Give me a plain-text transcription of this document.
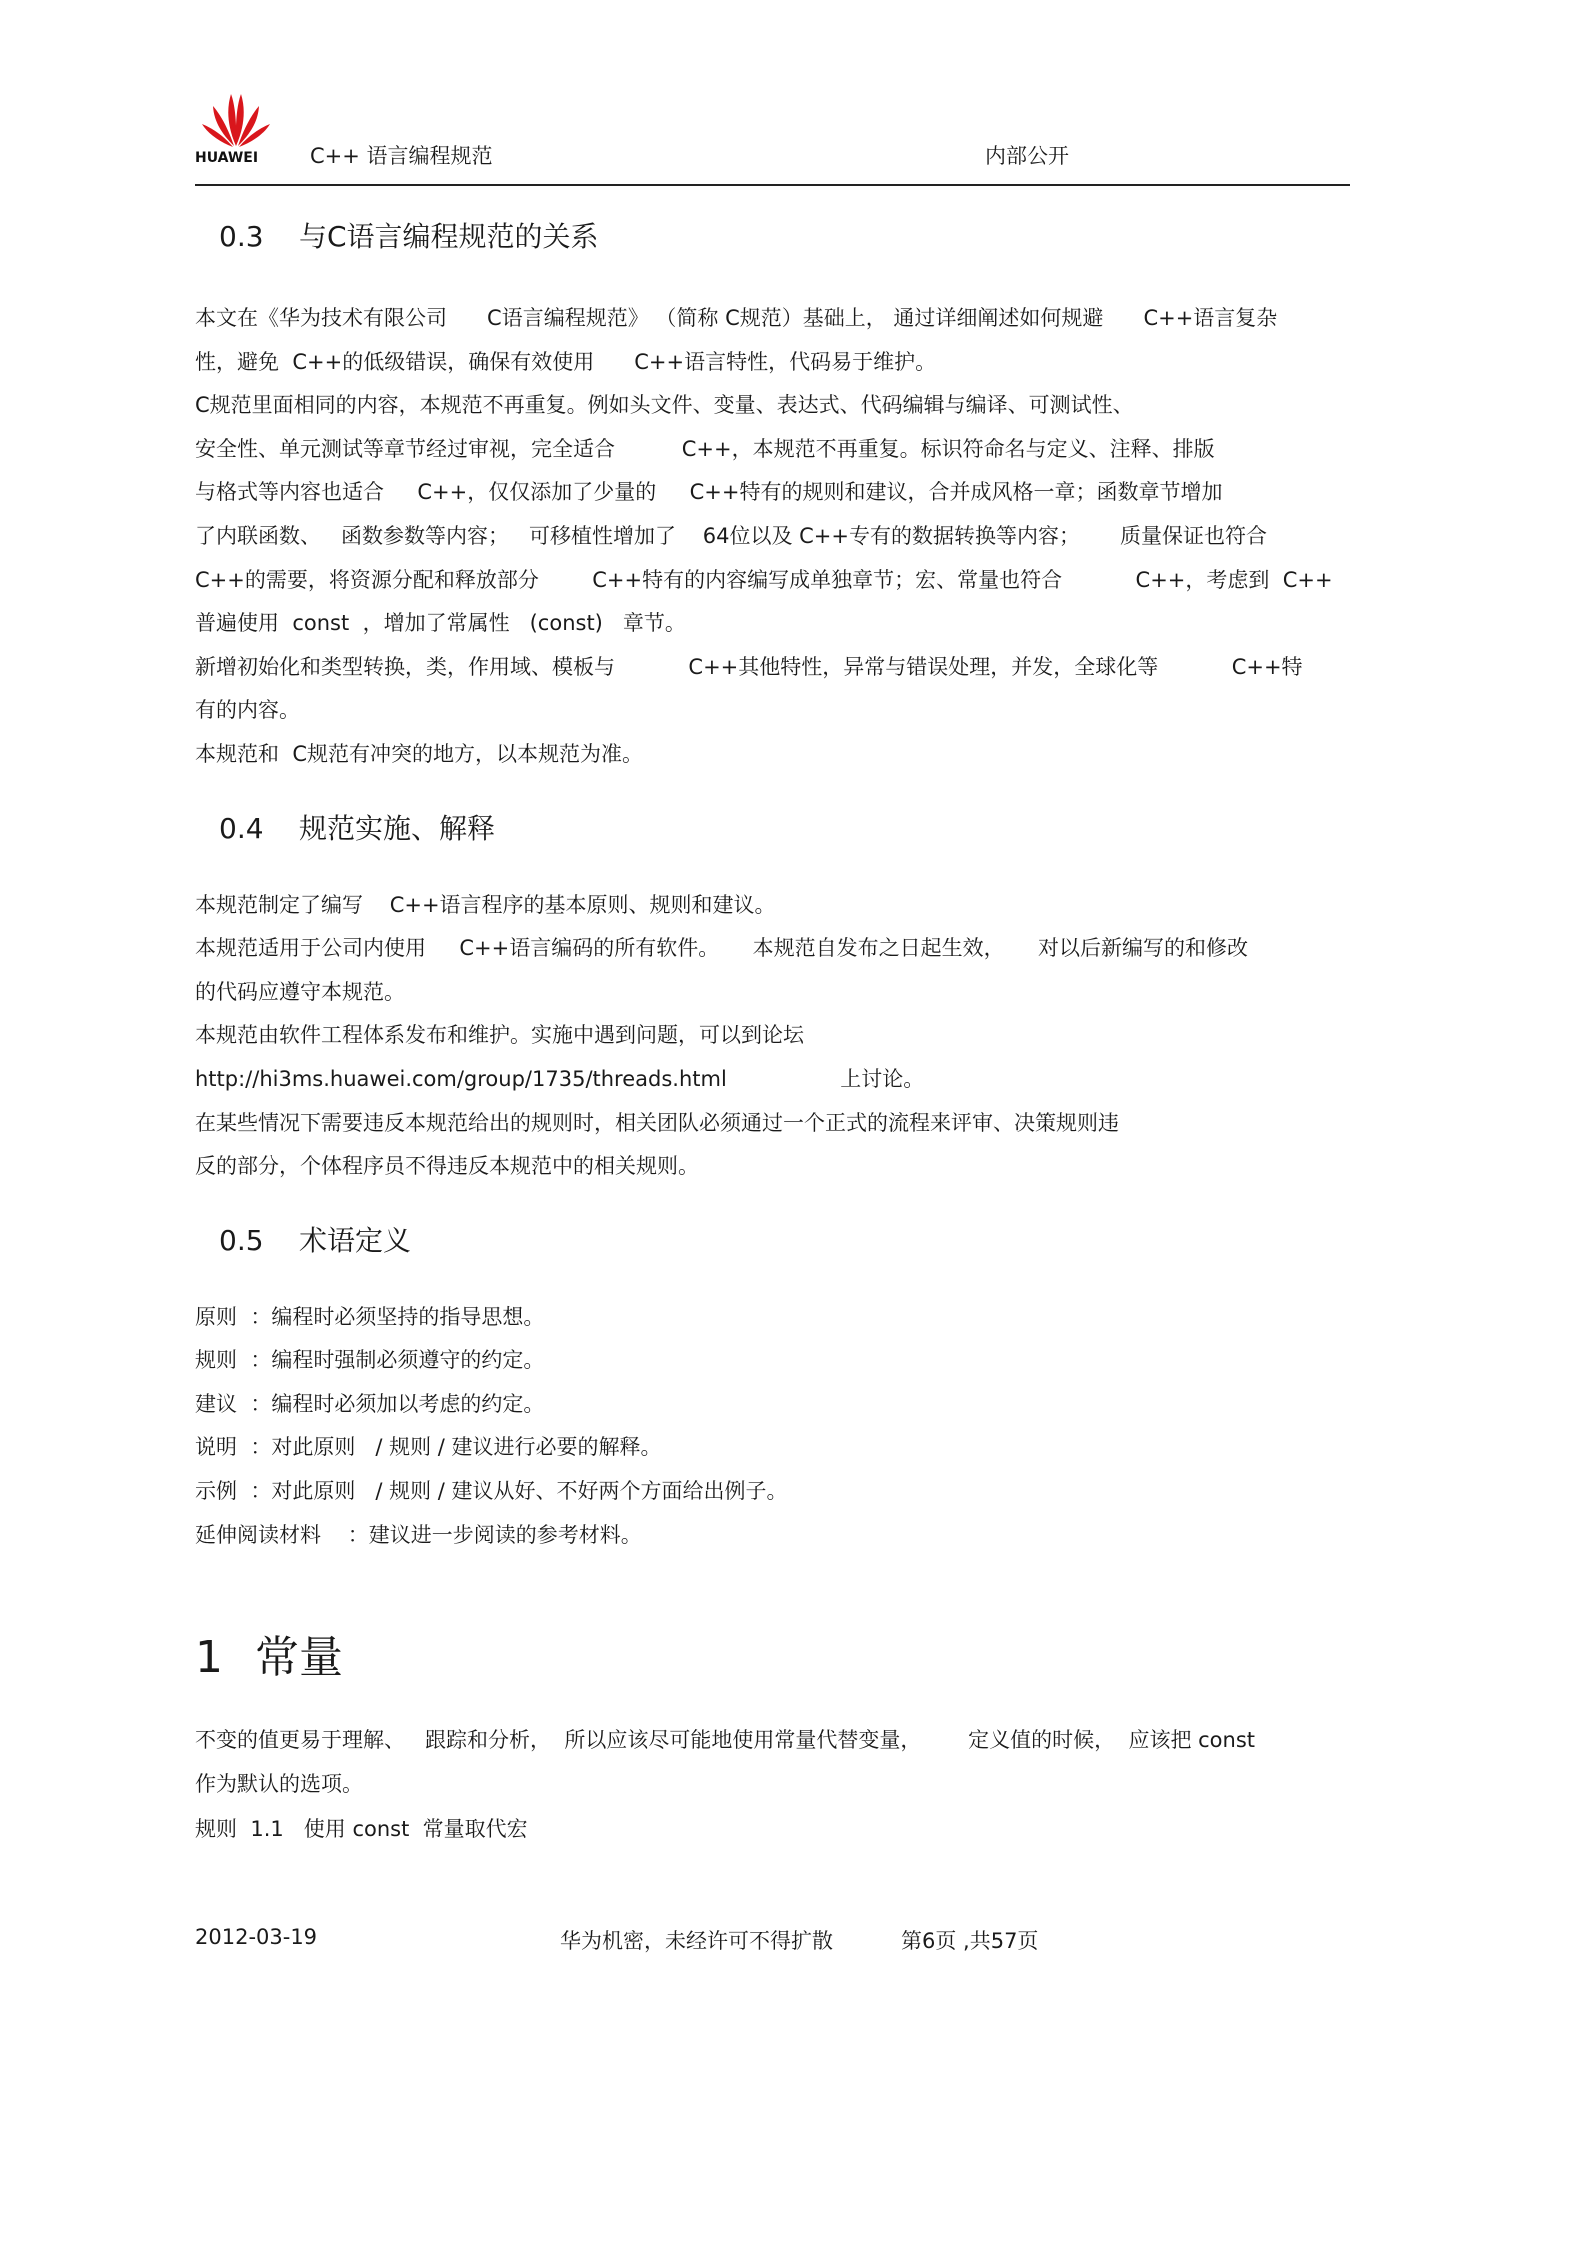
HUAWEI C++ 语言编程规范	内部公开
0.3 与C语言编程规范的关系

本文在《华为技术有限公司      C语言编程规范》 （简称 C规范）基础上， 通过详细阐述如何规避      C++语言复杂

性，避免  C++的低级错误，确保有效使用      C++语言特性，代码易于维护。

C规范里面相同的内容，本规范不再重复。例如头文件、变量、表达式、代码编辑与编译、可测试性、

安全性、单元测试等章节经过审视，完全适合          C++，本规范不再重复。标识符命名与定义、注释、排版

与格式等内容也适合     C++，仅仅添加了少量的     C++特有的规则和建议，合并成风格一章；函数章节增加

了内联函数、   函数参数等内容；   可移植性增加了    64位以及 C++专有的数据转换等内容；      质量保证也符合

C++的需要，将资源分配和释放部分        C++特有的内容编写成单独章节；宏、常量也符合           C++，考虑到  C++

普遍使用  const  ，增加了常属性   (const)   章节。

新增初始化和类型转换，类，作用域、模板与           C++其他特性，异常与错误处理，并发，全球化等           C++特

有的内容。

本规范和  C规范有冲突的地方，以本规范为准。

0.4 规范实施、解释

本规范制定了编写    C++语言程序的基本原则、规则和建议。

本规范适用于公司内使用     C++语言编码的所有软件。     本规范自发布之日起生效，     对以后新编写的和修改

的代码应遵守本规范。

本规范由软件工程体系发布和维护。实施中遇到问题，可以到论坛

http://hi3ms.huawei.com/group/1735/threads.html                 上讨论。

在某些情况下需要违反本规范给出的规则时，相关团队必须通过一个正式的流程来评审、决策规则违

反的部分，个体程序员不得违反本规范中的相关规则。

0.5 术语定义

原则  ：编程时必须坚持的指导思想。

规则  ：编程时强制必须遵守的约定。

建议  ：编程时必须加以考虑的约定。

说明  ：对此原则   / 规则 / 建议进行必要的解释。

示例  ：对此原则   / 规则 / 建议从好、不好两个方面给出例子。

延伸阅读材料    ：建议进一步阅读的参考材料。

1 常量

不变的值更易于理解、   跟踪和分析，  所以应该尽可能地使用常量代替变量，       定义值的时候，  应该把 const

作为默认的选项。

规则  1.1   使用 const  常量取代宏

2012-03-19	华为机密，未经许可不得扩散	第6页 ,共57页
